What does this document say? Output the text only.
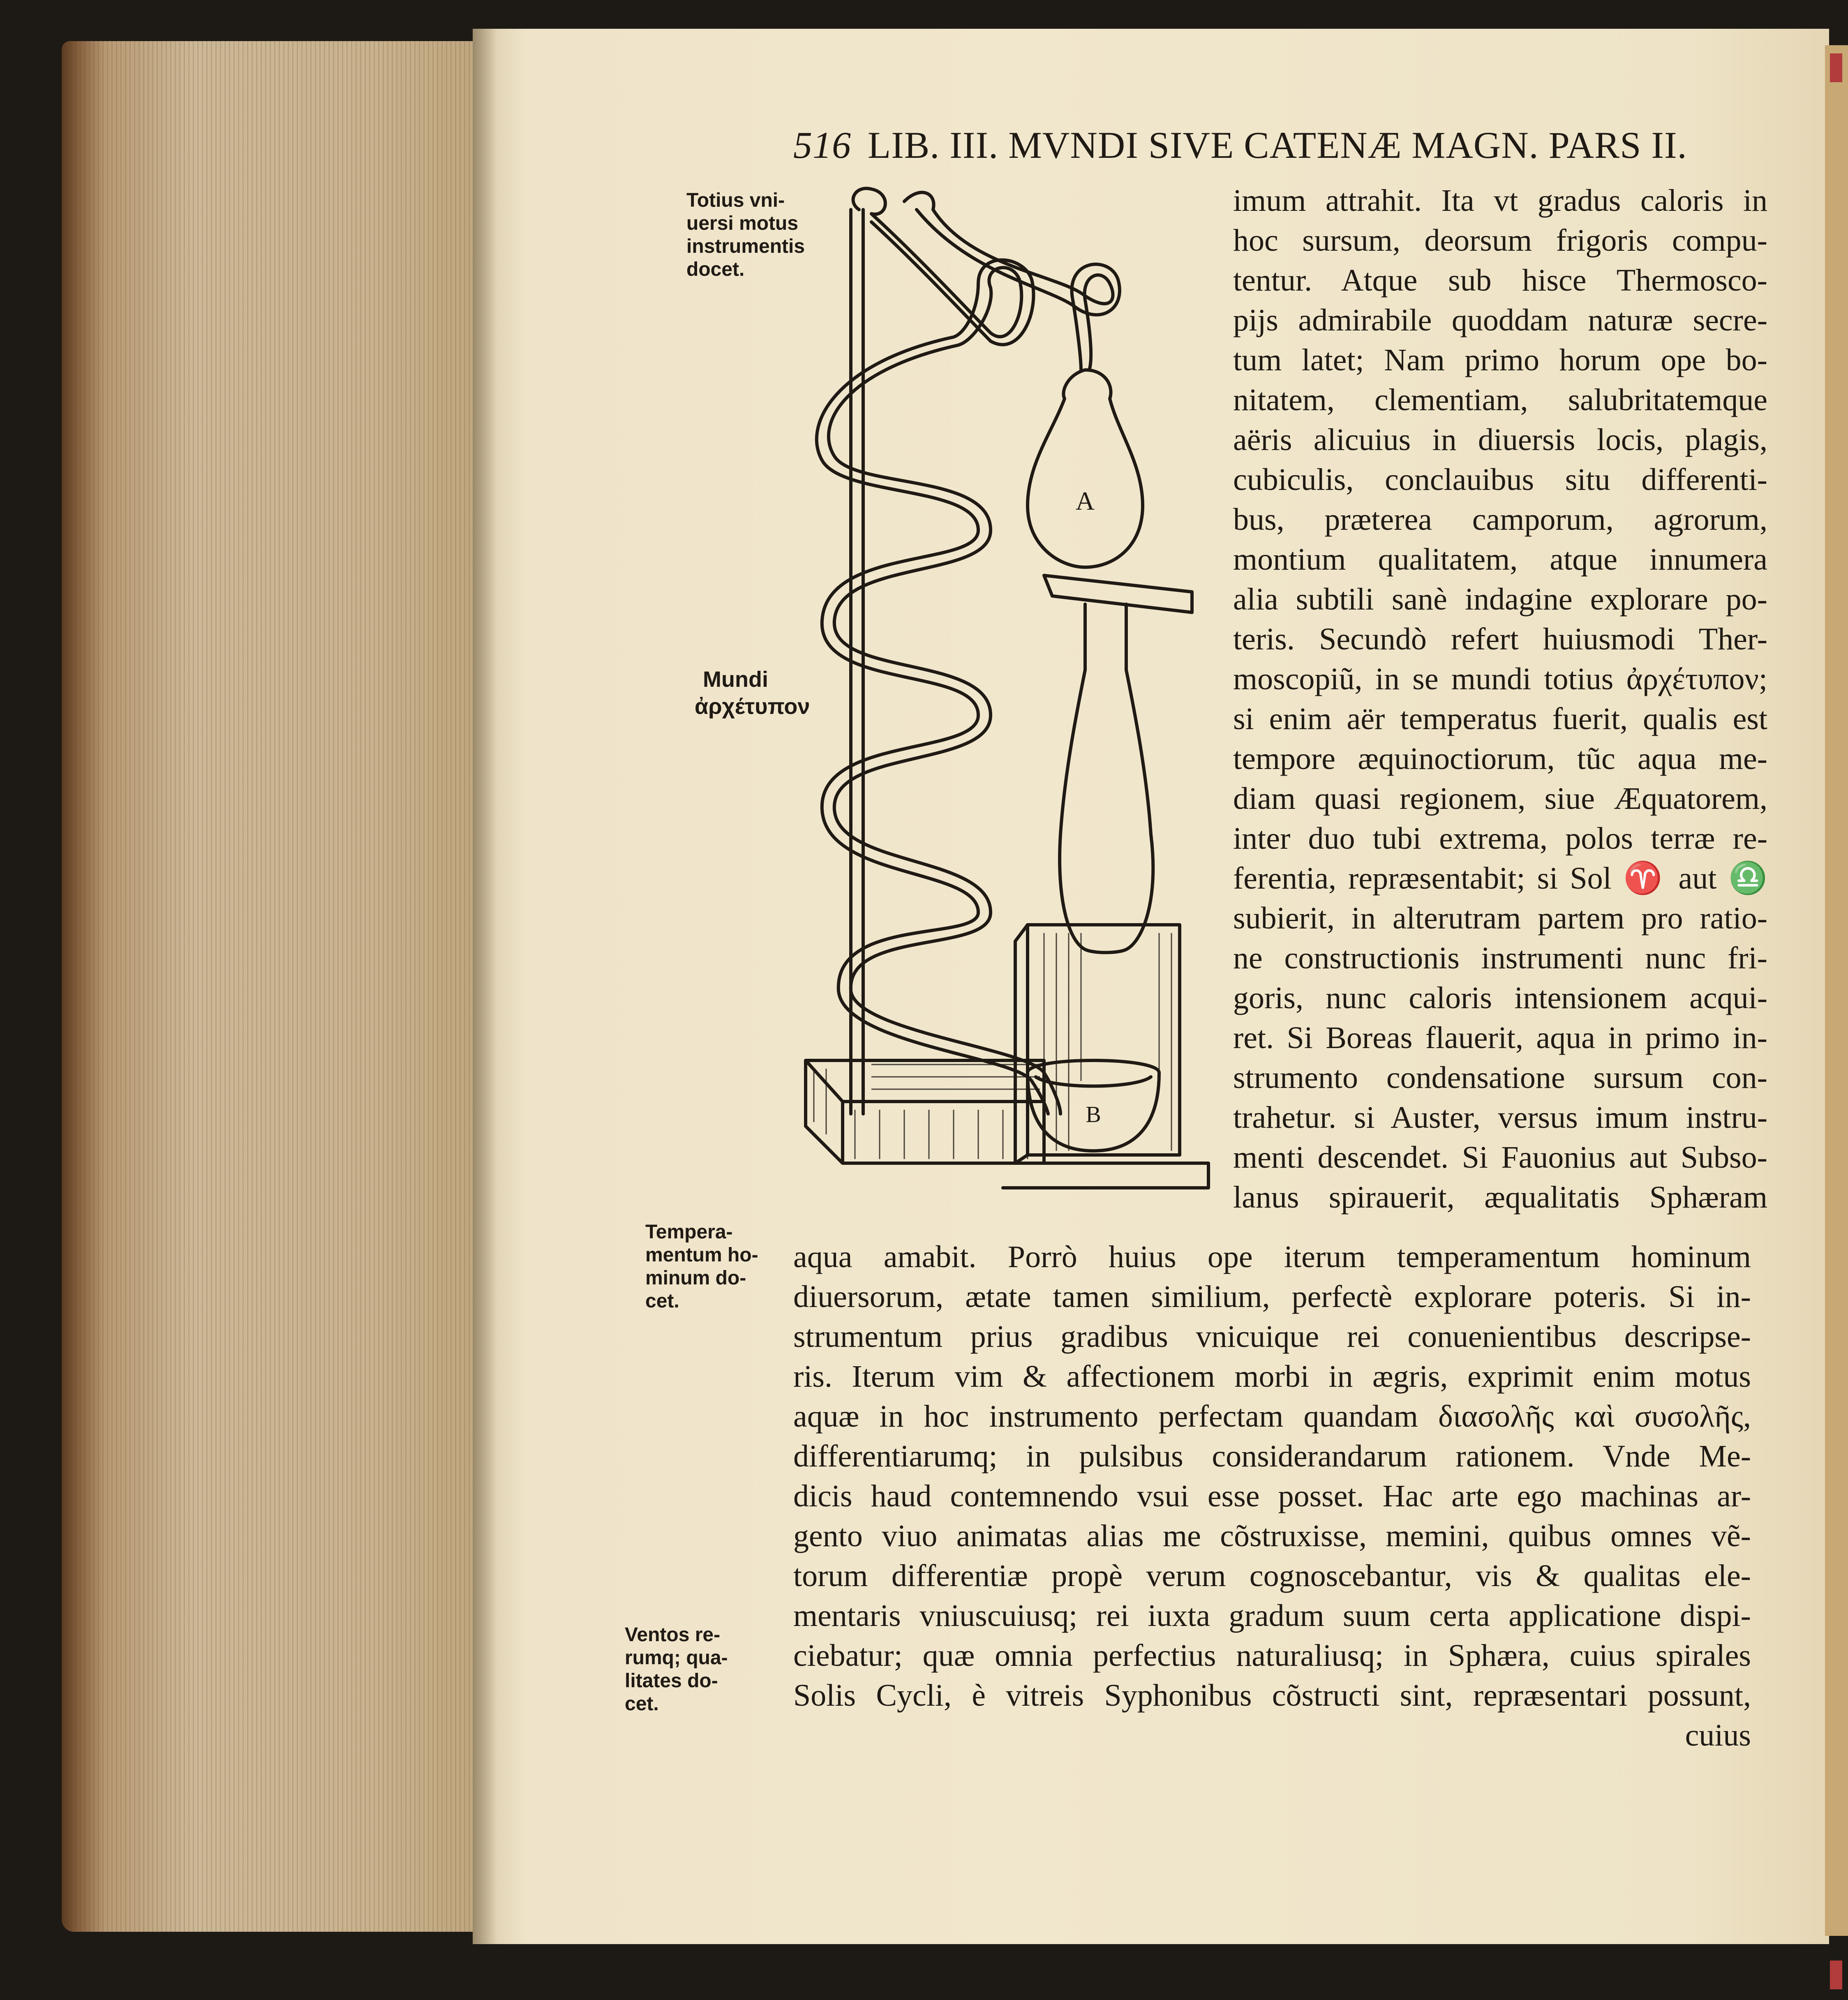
516 LIB. III. MVNDI SIVE CATENÆ MAGN. PARS II.
Totius vni-
uersi motus
instrumentis
docet.
Mundi
ἀρχέτυπον
Tempera-
mentum ho-
minum do-
cet.
Ventos re-
rumq; qua-
litates do-
cet.
A
B
imum attrahit. Ita vt gradus caloris in
hoc sursum, deorsum frigoris compu-
tentur. Atque sub hisce Thermosco-
pijs admirabile quoddam naturæ secre-
tum latet; Nam primo horum ope bo-
nitatem, clementiam, salubritatemque
aëris alicuius in diuersis locis, plagis,
cubiculis, conclauibus situ differenti-
bus, præterea camporum, agrorum,
montium qualitatem, atque innumera
alia subtili sanè indagine explorare po-
teris. Secundò refert huiusmodi Ther-
moscopiũ, in se mundi totius ἀρχέτυπον;
si enim aër temperatus fuerit, qualis est
tempore æquinoctiorum, tũc aqua me-
diam quasi regionem, siue Æquatorem,
inter duo tubi extrema, polos terræ re-
ferentia, repræsentabit; si Sol ♈ aut ♎
subierit, in alterutram partem pro ratio-
ne constructionis instrumenti nunc fri-
goris, nunc caloris intensionem acqui-
ret. Si Boreas flauerit, aqua in primo in-
strumento condensatione sursum con-
trahetur. si Auster, versus imum instru-
menti descendet. Si Fauonius aut Subso-
lanus spirauerit, æqualitatis Sphæram
aqua amabit. Porrò huius ope iterum temperamentum hominum
diuersorum, ætate tamen similium, perfectè explorare poteris. Si in-
strumentum prius gradibus vnicuique rei conuenientibus descripse-
ris. Iterum vim & affectionem morbi in ægris, exprimit enim motus
aquæ in hoc instrumento perfectam quandam διασολῆς καὶ συσολῆς,
differentiarumq; in pulsibus considerandarum rationem. Vnde Me-
dicis haud contemnendo vsui esse posset. Hac arte ego machinas ar-
gento viuo animatas alias me cõstruxisse, memini, quibus omnes vẽ-
torum differentiæ propè verum cognoscebantur, vis & qualitas ele-
mentaris vniuscuiusq; rei iuxta gradum suum certa applicatione dispi-
ciebatur; quæ omnia perfectius naturaliusq; in Sphæra, cuius spirales
Solis Cycli, è vitreis Syphonibus cõstructi sint, repræsentari possunt,
cuius
